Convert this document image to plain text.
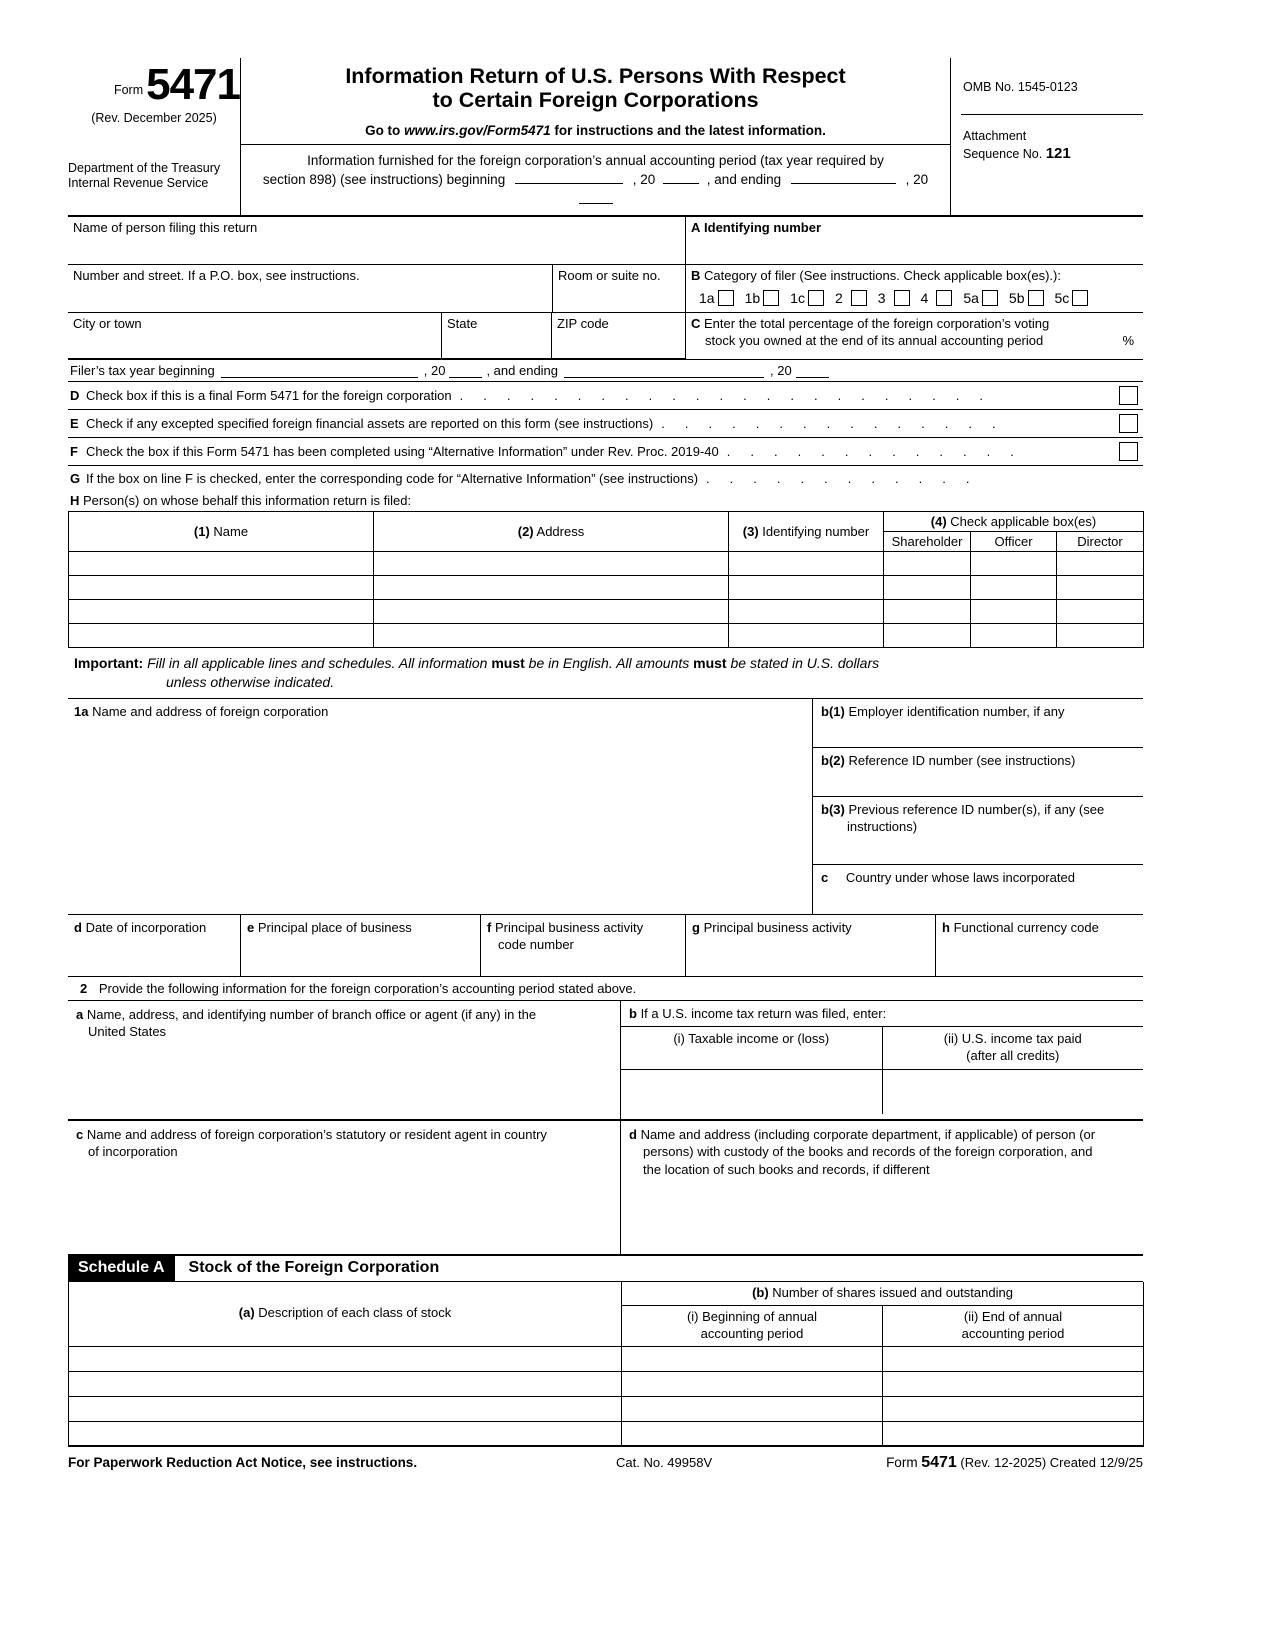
Form 5471
(Rev. December 2025)
Department of the Treasury
Internal Revenue Service
Information Return of U.S. Persons With Respect
to Certain Foreign Corporations
Go to www.irs.gov/Form5471 for instructions and the latest information.
Information furnished for the foreign corporation’s annual accounting period (tax year required by
section 898) (see instructions) beginning	, 20	, and ending	, 20
OMB No. 1545-0123
Attachment
Sequence No. 121
Name of person filing this return
Number and street. If a P.O. box, see instructions.	Room or suite no.
City or town	State	ZIP code
A Identifying number
B Category of filer (See instructions. Check applicable box(es).):
1a 1b 1c 2	3	4	5a 5b 5c
C Enter the total percentage of the foreign corporation’s voting
stock you owned at the end of its annual accounting period	%
Filer’s tax year beginning	, 20	, and ending	, 20
D Check box if this is a final Form 5471 for the foreign corporation . . . . . . . . . . . . . . . . . . . . . . .
E Check if any excepted specified foreign financial assets are reported on this form (see instructions) . . . . . . . . . . . . . . .
F Check the box if this Form 5471 has been completed using “Alternative Information” under Rev. Proc. 2019-40 . . . . . . . . . . . . .
G If the box on line F is checked, enter the corresponding code for “Alternative Information” (see instructions) . . . . . . . . . . . .
H Person(s) on whose behalf this information return is filed:
(1) Name	(2) Address	(3) Identifying number	(4) Check applicable box(es)		
			Shareholder	Officer	Director

Important: Fill in all applicable lines and schedules. All information must be in English. All amounts must be stated in U.S. dollars
unless otherwise indicated.
1a Name and address of foreign corporation	b(1) Employer identification number, if any
b(2) Reference ID number (see instructions)
b(3) Previous reference ID number(s), if any (see
instructions)
c Country under whose laws incorporated
d Date of incorporation	e Principal place of business	f Principal business activity
code number
g Principal business activity	h Functional currency code
2 Provide the following information for the foreign corporation’s accounting period stated above.
a Name, address, and identifying number of branch office or agent (if any) in the
United States
b If a U.S. income tax return was filed, enter:
(i) Taxable income or (loss)	(ii) U.S. income tax paid
(after all credits)
c Name and address of foreign corporation’s statutory or resident agent in country
of incorporation
d Name and address (including corporate department, if applicable) of person (or
persons) with custody of the books and records of the foreign corporation, and
the location of such books and records, if different
Schedule A	Stock of the Foreign Corporation
(a) Description of each class of stock	(b) Number of shares issued and outstanding	

(i) Beginning of annual
accounting period

(ii) End of annual
accounting period

For Paperwork Reduction Act Notice, see instructions.	Cat. No. 49958V	Form 5471 (Rev. 12-2025) Created 12/9/25
